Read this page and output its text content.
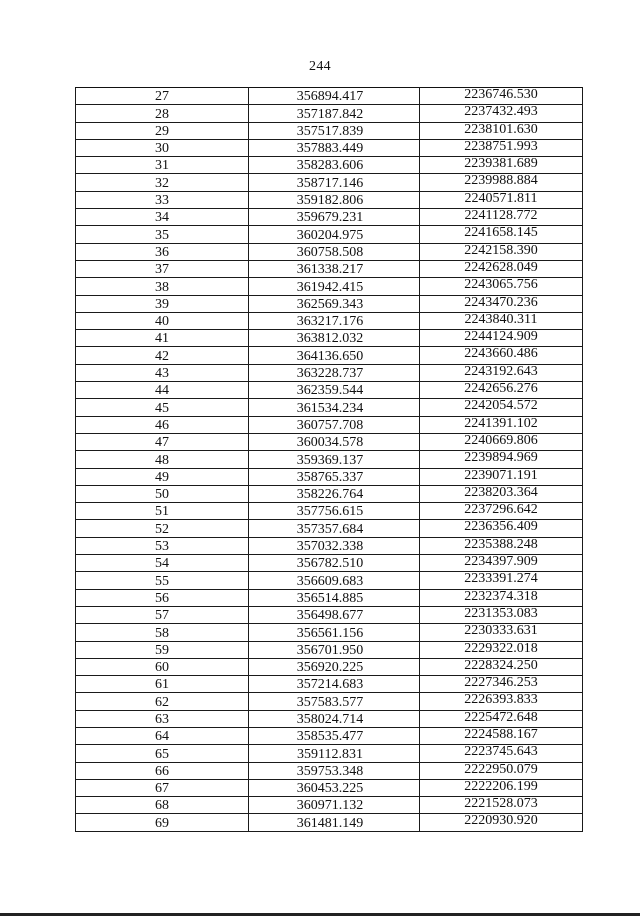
244
27	356894.417	2236746.530
28	357187.842	2237432.493
29	357517.839	2238101.630
30	357883.449	2238751.993
31	358283.606	2239381.689
32	358717.146	2239988.884
33	359182.806	2240571.811
34	359679.231	2241128.772
35	360204.975	2241658.145
36	360758.508	2242158.390
37	361338.217	2242628.049
38	361942.415	2243065.756
39	362569.343	2243470.236
40	363217.176	2243840.311
41	363812.032	2244124.909
42	364136.650	2243660.486
43	363228.737	2243192.643
44	362359.544	2242656.276
45	361534.234	2242054.572
46	360757.708	2241391.102
47	360034.578	2240669.806
48	359369.137	2239894.969
49	358765.337	2239071.191
50	358226.764	2238203.364
51	357756.615	2237296.642
52	357357.684	2236356.409
53	357032.338	2235388.248
54	356782.510	2234397.909
55	356609.683	2233391.274
56	356514.885	2232374.318
57	356498.677	2231353.083
58	356561.156	2230333.631
59	356701.950	2229322.018
60	356920.225	2228324.250
61	357214.683	2227346.253
62	357583.577	2226393.833
63	358024.714	2225472.648
64	358535.477	2224588.167
65	359112.831	2223745.643
66	359753.348	2222950.079
67	360453.225	2222206.199
68	360971.132	2221528.073
69	361481.149	2220930.920
